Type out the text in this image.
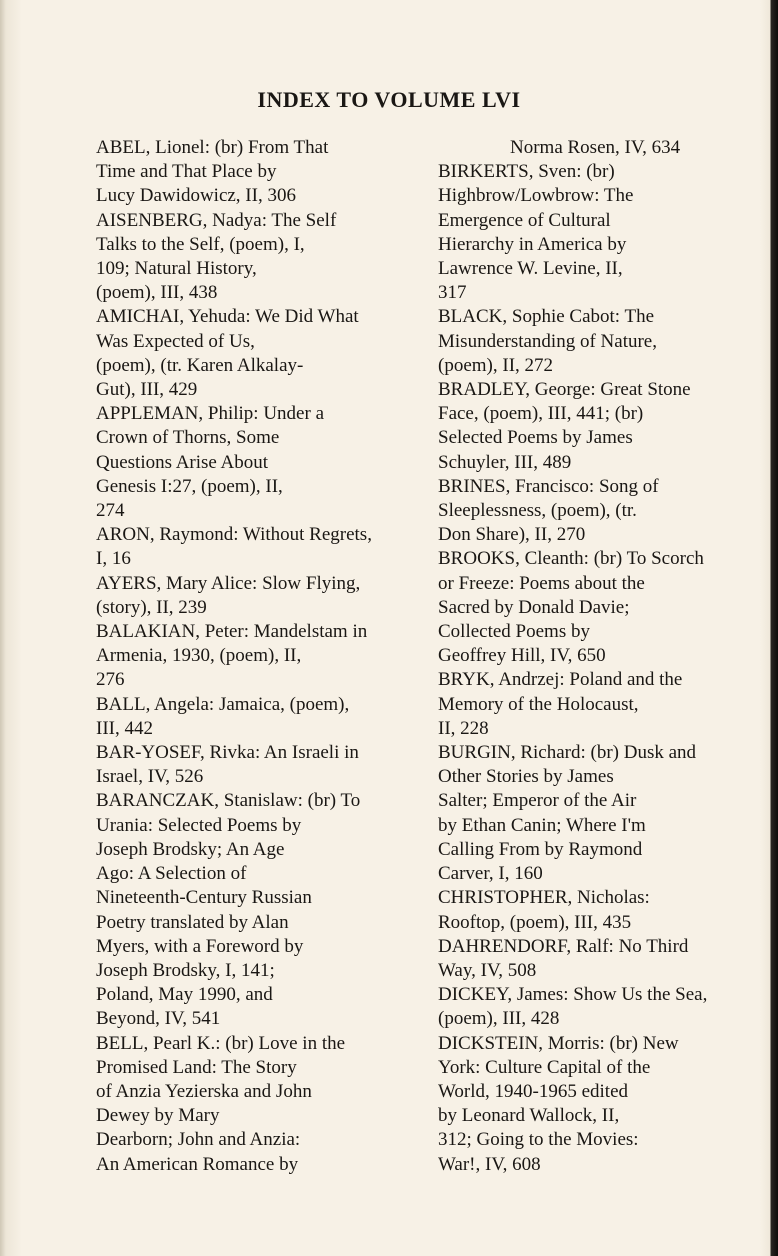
INDEX TO VOLUME LVI
ABEL, Lionel: (br) From That
Time and That Place by
Lucy Dawidowicz, II, 306
AISENBERG, Nadya: The Self
Talks to the Self, (poem), I,
109; Natural History,
(poem), III, 438
AMICHAI, Yehuda: We Did What
Was Expected of Us,
(poem), (tr. Karen Alkalay-
Gut), III, 429
APPLEMAN, Philip: Under a
Crown of Thorns, Some
Questions Arise About
Genesis I:27, (poem), II,
274
ARON, Raymond: Without Regrets,
I, 16
AYERS, Mary Alice: Slow Flying,
(story), II, 239
BALAKIAN, Peter: Mandelstam in
Armenia, 1930, (poem), II,
276
BALL, Angela: Jamaica, (poem),
III, 442
BAR-YOSEF, Rivka: An Israeli in
Israel, IV, 526
BARANCZAK, Stanislaw: (br) To
Urania: Selected Poems by
Joseph Brodsky; An Age
Ago: A Selection of
Nineteenth-Century Russian
Poetry translated by Alan
Myers, with a Foreword by
Joseph Brodsky, I, 141;
Poland, May 1990, and
Beyond, IV, 541
BELL, Pearl K.: (br) Love in the
Promised Land: The Story
of Anzia Yezierska and John
Dewey by Mary
Dearborn; John and Anzia:
An American Romance by
Norma Rosen, IV, 634
BIRKERTS, Sven: (br)
Highbrow/Lowbrow: The
Emergence of Cultural
Hierarchy in America by
Lawrence W. Levine, II,
317
BLACK, Sophie Cabot: The
Misunderstanding of Nature,
(poem), II, 272
BRADLEY, George: Great Stone
Face, (poem), III, 441; (br)
Selected Poems by James
Schuyler, III, 489
BRINES, Francisco: Song of
Sleeplessness, (poem), (tr.
Don Share), II, 270
BROOKS, Cleanth: (br) To Scorch
or Freeze: Poems about the
Sacred by Donald Davie;
Collected Poems by
Geoffrey Hill, IV, 650
BRYK, Andrzej: Poland and the
Memory of the Holocaust,
II, 228
BURGIN, Richard: (br) Dusk and
Other Stories by James
Salter; Emperor of the Air
by Ethan Canin; Where I'm
Calling From by Raymond
Carver, I, 160
CHRISTOPHER, Nicholas:
Rooftop, (poem), III, 435
DAHRENDORF, Ralf: No Third
Way, IV, 508
DICKEY, James: Show Us the Sea,
(poem), III, 428
DICKSTEIN, Morris: (br) New
York: Culture Capital of the
World, 1940-1965 edited
by Leonard Wallock, II,
312; Going to the Movies:
War!, IV, 608
